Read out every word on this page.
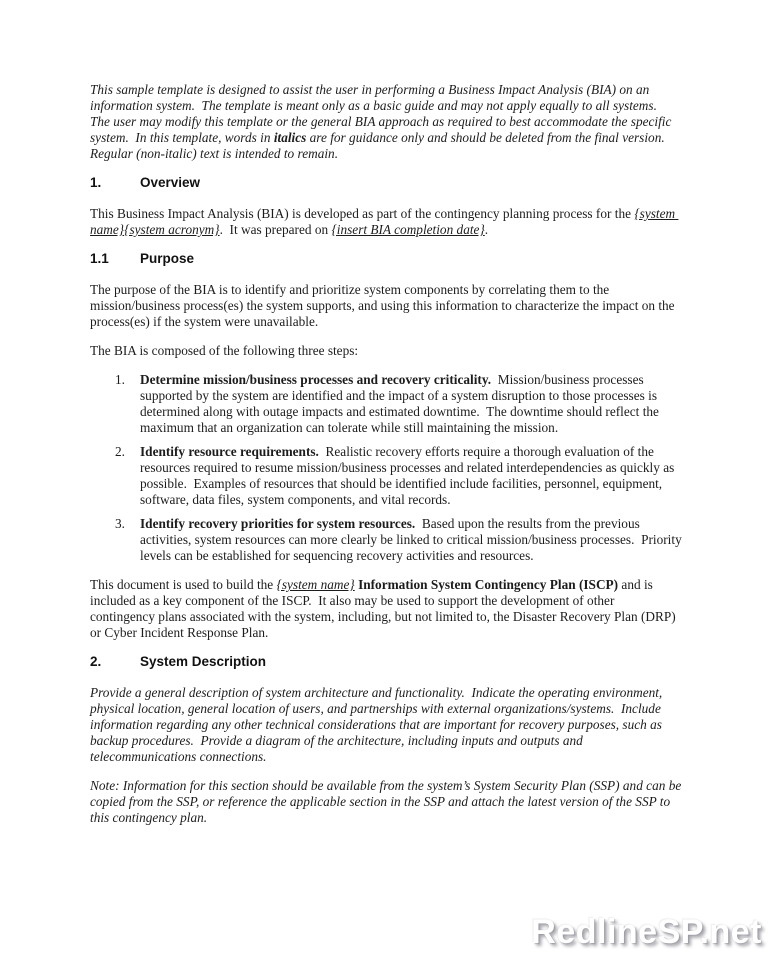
This sample template is designed to assist the user in performing a Business Impact Analysis (BIA) on an information system.  The template is meant only as a basic guide and may not apply equally to all systems.  The user may modify this template or the general BIA approach as required to best accommodate the specific system.  In this template, words in italics are for guidance only and should be deleted from the final version.  Regular (non-italic) text is intended to remain.

1.	Overview

This Business Impact Analysis (BIA) is developed as part of the contingency planning process for the {system name}{system acronym}.  It was prepared on {insert BIA completion date}.

1.1 Purpose

The purpose of the BIA is to identify and prioritize system components by correlating them to the mission/business process(es) the system supports, and using this information to characterize the impact on the process(es) if the system were unavailable.

The BIA is composed of the following three steps:

1.	Determine mission/business processes and recovery criticality.  Mission/business processes supported by the system are identified and the impact of a system disruption to those processes is determined along with outage impacts and estimated downtime.  The downtime should reflect the maximum that an organization can tolerate while still maintaining the mission.
2.	Identify resource requirements.  Realistic recovery efforts require a thorough evaluation of the resources required to resume mission/business processes and related interdependencies as quickly as possible.  Examples of resources that should be identified include facilities, personnel, equipment, software, data files, system components, and vital records.
3.	Identify recovery priorities for system resources.  Based upon the results from the previous activities, system resources can more clearly be linked to critical mission/business processes.  Priority levels can be established for sequencing recovery activities and resources.

This document is used to build the {system name} Information System Contingency Plan (ISCP) and is included as a key component of the ISCP.  It also may be used to support the development of other contingency plans associated with the system, including, but not limited to, the Disaster Recovery Plan (DRP) or Cyber Incident Response Plan.

2.	System Description

Provide a general description of system architecture and functionality.  Indicate the operating environment, physical location, general location of users, and partnerships with external organizations/systems.  Include information regarding any other technical considerations that are important for recovery purposes, such as backup procedures.  Provide a diagram of the architecture, including inputs and outputs and telecommunications connections.

Note: Information for this section should be available from the system’s System Security Plan (SSP) and can be copied from the SSP, or reference the applicable section in the SSP and attach the latest version of the SSP to this contingency plan.

RedlineSP.net
